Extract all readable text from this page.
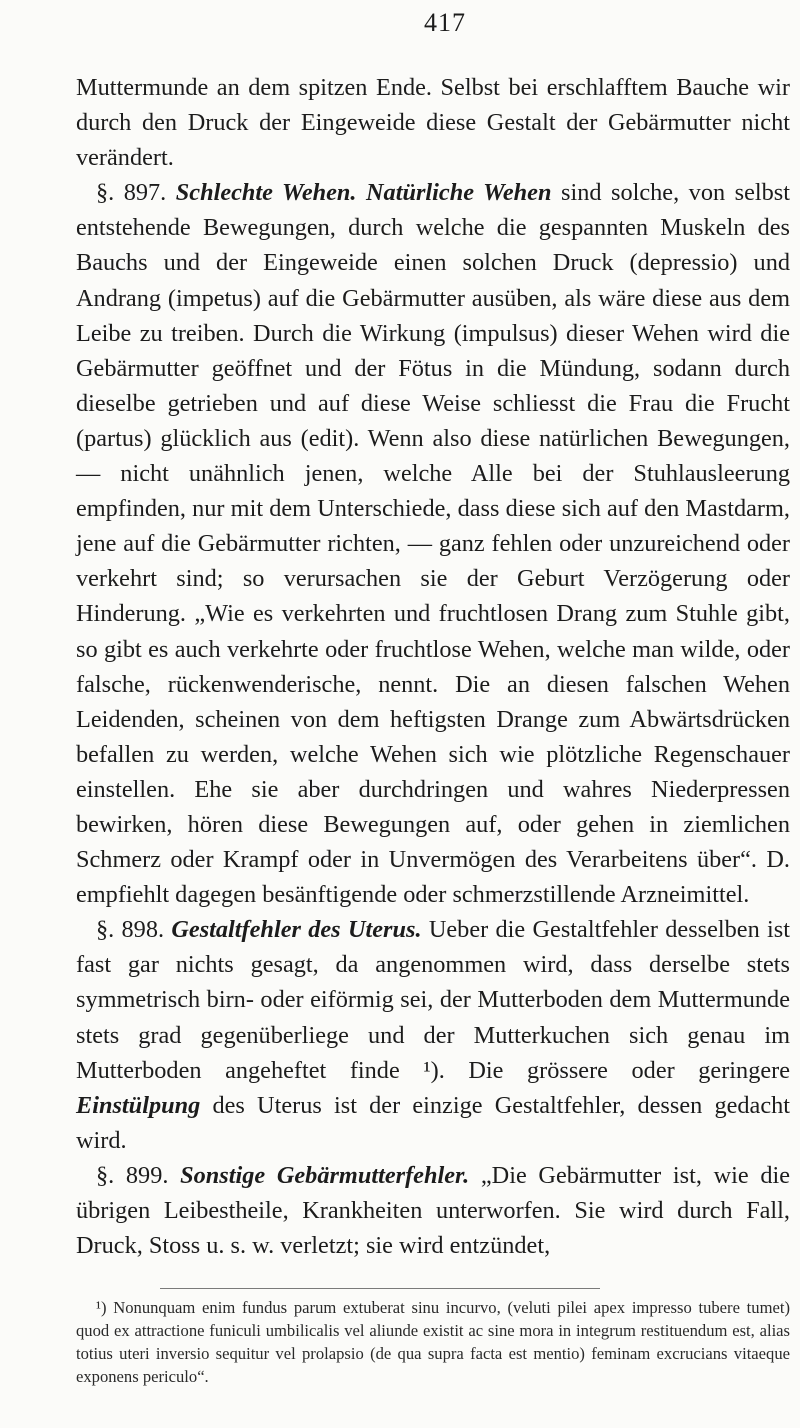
417

Muttermunde an dem spitzen Ende. Selbst bei erschlafftem Bauche wir durch den Druck der Eingeweide diese Gestalt der Gebärmutter nicht verändert.

§. 897. Schlechte Wehen. Natürliche Wehen sind solche, von selbst entstehende Bewegungen, durch welche die gespannten Muskeln des Bauchs und der Eingeweide einen solchen Druck (depressio) und Andrang (impetus) auf die Gebärmutter ausüben, als wäre diese aus dem Leibe zu treiben. Durch die Wirkung (impulsus) dieser Wehen wird die Gebärmutter geöffnet und der Fötus in die Mündung, sodann durch dieselbe getrieben und auf diese Weise schliesst die Frau die Frucht (partus) glücklich aus (edit). Wenn also diese natürlichen Bewegungen, — nicht unähnlich jenen, welche Alle bei der Stuhlausleerung empfinden, nur mit dem Unterschiede, dass diese sich auf den Mastdarm, jene auf die Gebärmutter richten, — ganz fehlen oder unzureichend oder verkehrt sind; so verursachen sie der Geburt Verzögerung oder Hinderung. „Wie es verkehrten und fruchtlosen Drang zum Stuhle gibt, so gibt es auch verkehrte oder fruchtlose Wehen, welche man wilde, oder falsche, rückenwenderische, nennt. Die an diesen falschen Wehen Leidenden, scheinen von dem heftigsten Drange zum Abwärtsdrücken befallen zu werden, welche Wehen sich wie plötzliche Regenschauer einstellen. Ehe sie aber durchdringen und wahres Niederpressen bewirken, hören diese Bewegungen auf, oder gehen in ziemlichen Schmerz oder Krampf oder in Unvermögen des Verarbeitens über“. D. empfiehlt dagegen besänftigende oder schmerzstillende Arzneimittel.

§. 898. Gestaltfehler des Uterus. Ueber die Gestaltfehler desselben ist fast gar nichts gesagt, da angenommen wird, dass derselbe stets symmetrisch birn- oder eiförmig sei, der Mutterboden dem Muttermunde stets grad gegenüberliege und der Mutterkuchen sich genau im Mutterboden angeheftet finde ¹). Die grössere oder geringere Einstülpung des Uterus ist der einzige Gestaltfehler, dessen gedacht wird.

§. 899. Sonstige Gebärmutterfehler. „Die Gebärmutter ist, wie die übrigen Leibestheile, Krankheiten unterworfen. Sie wird durch Fall, Druck, Stoss u. s. w. verletzt; sie wird entzündet,

¹) Nonunquam enim fundus parum extuberat sinu incurvo, (veluti pilei apex impresso tubere tumet) quod ex attractione funiculi umbilicalis vel aliunde existit ac sine mora in integrum restituendum est, alias totius uteri inversio sequitur vel prolapsio (de qua supra facta est mentio) feminam excrucians vitaeque exponens periculo“.
